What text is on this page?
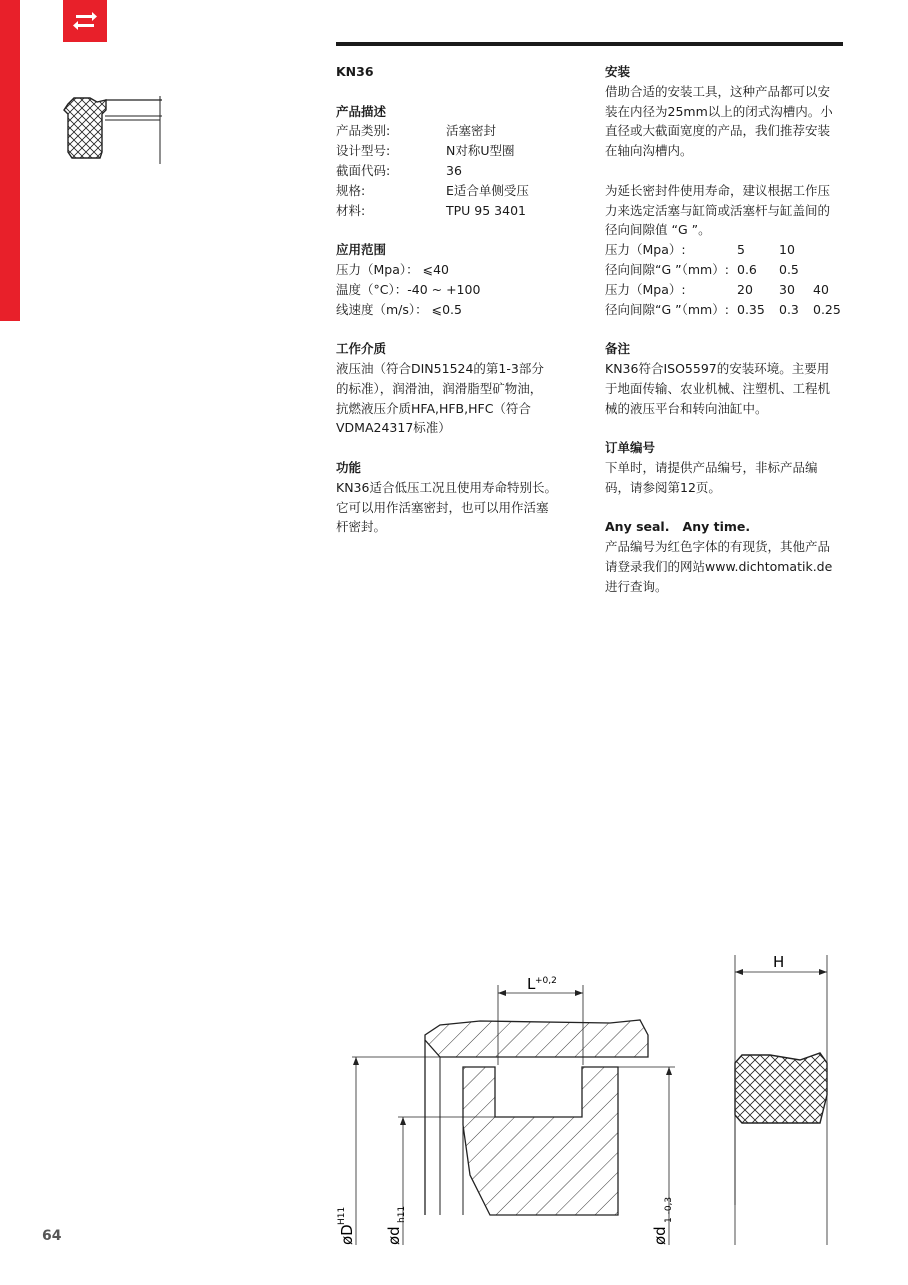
KN36
产品描述
产品类别:	活塞密封
设计型号:	N对称U型圈
截面代码:	36
规格:	E适合单侧受压
材料:	TPU 95 3401
应用范围
压力（Mpa）： ⩽40
温度（°C）：-40 ~ +100
线速度（m/s）： ⩽0.5
工作介质
液压油（符合DIN51524的第1-3部分
的标准），润滑油，润滑脂型矿物油，
抗燃液压介质HFA,HFB,HFC（符合
VDMA24317标准）
功能
KN36适合低压工况且使用寿命特别长。
它可以用作活塞密封，也可以用作活塞
杆密封。
安装
借助合适的安装工具，这种产品都可以安
装在内径为25mm以上的闭式沟槽内。小
直径或大截面宽度的产品，我们推荐安装
在轴向沟槽内。
为延长密封件使用寿命，建议根据工作压
力来选定活塞与缸筒或活塞杆与缸盖间的
径向间隙值 “G ”。
压力（Mpa）:	5	10
径向间隙“G ”（mm）: 0.6	0.5
压力（Mpa）:	20	30	40
径向间隙“G ”（mm）: 0.35	0.3	0.25
备注
KN36符合ISO5597的安装环境。主要用
于地面传输、农业机械、注塑机、工程机
械的液压平台和转向油缸中。
订单编号
下单时，请提供产品编号，非标产品编
码，请参阅第12页。
Any seal.   Any time.
产品编号为红色字体的有现货，其他产品
请登录我们的网站www.dichtomatik.de
进行查询。
L +0,2
øD
H11
ød
h11
ød
1 -0,3
H
64
